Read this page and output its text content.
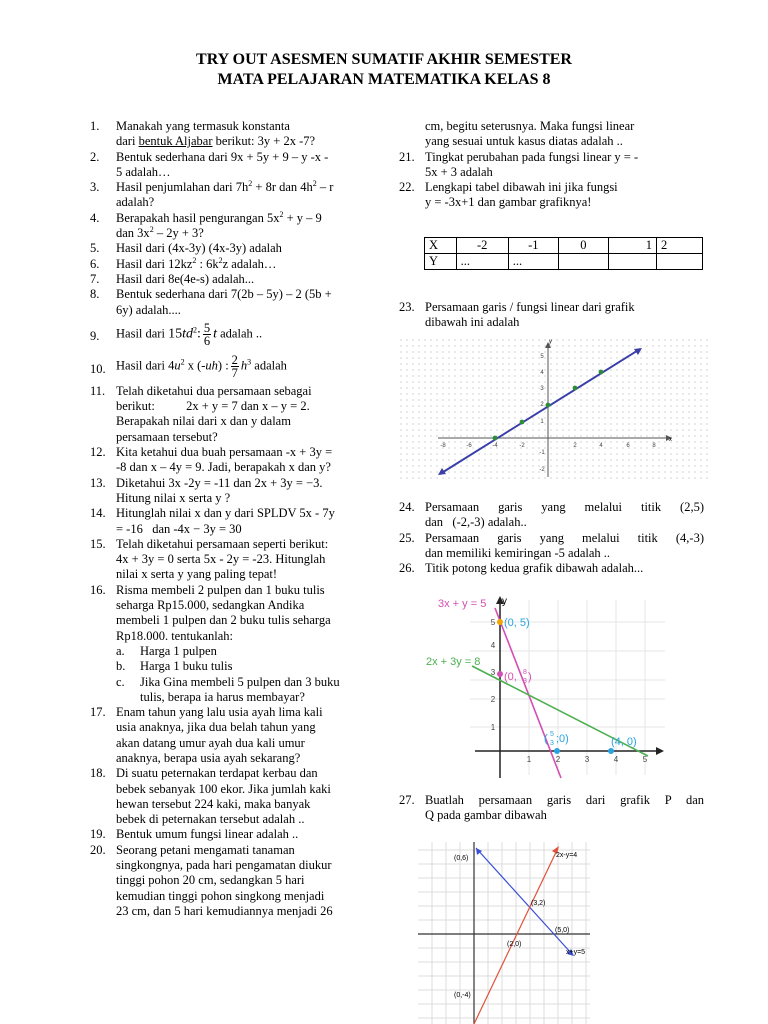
TRY OUT ASESMEN SUMATIF AKHIR SEMESTER
MATA PELAJARAN MATEMATIKA KELAS 8
1. Manakah yang termasuk konstanta
dari bentuk Aljabar berikut: 3y + 2x -7?
2. Bentuk sederhana dari 9x + 5y + 9 – y -x -
5 adalah…
3. Hasil penjumlahan dari $7h^2 + 8r$ dan $4h^2$ – r
adalah?
4. Berapakah hasil pengurangan $5x^2 + y - 9$
dan $3x^2 - 2y + 3$?
5. Hasil dari (4x-3y) (4x-3y) adalah
6. Hasil dari $12kz^2$ : $6k^2z$ adalah…
7. Hasil dari 8e(4e-s) adalah...
8. Bentuk sederhana dari 7(2b – 5y) – 2 (5b +
6y) adalah....
9. Hasil dari $15td^2$: $\frac{5}{6}$ t adalah ..
10. Hasil dari $4u^2$ x (-uh) : $\frac{2}{7} h^3$ adalah
11. Telah diketahui dua persamaan sebagai
berikut:          2x + y = 7 dan x – y = 2.
Berapakah nilai dari x dan y dalam
persamaan tersebut?
12. Kita ketahui dua buah persamaan -x + 3y =
-8 dan x – 4y = 9. Jadi, berapakah x dan y?
13. Diketahui 3x -2y = -11 dan 2x + 3y = −3.
Hitung nilai x serta y ?
14. Hitunglah nilai x dan y dari SPLDV 5x - 7y
= -16   dan -4x − 3y = 30
15. Telah diketahui persamaan seperti berikut:
4x + 3y = 0 serta 5x - 2y = -23. Hitunglah
nilai x serta y yang paling tepat!
16. Risma membeli 2 pulpen dan 1 buku tulis
seharga Rp15.000, sedangkan Andika
membeli 1 pulpen dan 2 buku tulis seharga
Rp18.000. tentukanlah:
a. Harga 1 pulpen
b. Harga 1 buku tulis
c. Jika Gina membeli 5 pulpen dan 3 buku
tulis, berapa ia harus membayar?
17. Enam tahun yang lalu usia ayah lima kali
usia anaknya, jika dua belah tahun yang
akan datang umur ayah dua kali umur
anaknya, berapa usia ayah sekarang?
18. Di suatu peternakan terdapat kerbau dan
bebek sebanyak 100 ekor. Jika jumlah kaki
hewan tersebut 224 kaki, maka banyak
bebek di peternakan tersebut adalah ..
19. Bentuk umum fungsi linear adalah ..
20. Seorang petani mengamati tanaman
singkongnya, pada hari pengamatan diukur
tinggi pohon 20 cm, sedangkan 5 hari
kemudian tinggi pohon singkong menjadi
23 cm, dan 5 hari kemudiannya menjadi 26
cm, begitu seterusnya. Maka fungsi linear
yang sesuai untuk kasus diatas adalah ..
21. Tingkat perubahan pada fungsi linear y = -
5x + 3 adalah
22. Lengkapi tabel dibawah ini jika fungsi
y = -3x+1 dan gambar grafiknya!
X	-2	-1	0	1	2
Y	...	...			
23. Persamaan garis / fungsi linear dari grafik
dibawah ini adalah
x
y
-8	-6	-4	-2	2	4	6	8
5
4
3
2
1
-1
-2
24. Persamaan garis yang melalui titik (2,5)
dan   (-2,-3) adalah..
25. Persamaan garis yang melalui titik (4,-3)
dan memiliki kemiringan -5 adalah ..
26. Titik potong kedua grafik dibawah adalah...
y
1	2	3	4	5
1
2
3
4
5
3x + y = 5
2x + 3y = 8
(0, 5)
(0, 8
3 )
( 5
3 ;0)	(4, 0)
27. Buatlah persamaan garis dari grafik P dan
Q pada gambar dibawah
(0,6)	2x-y=4
(3,2)
(5,0)
(2,0)
x+y=5
(0,-4)
